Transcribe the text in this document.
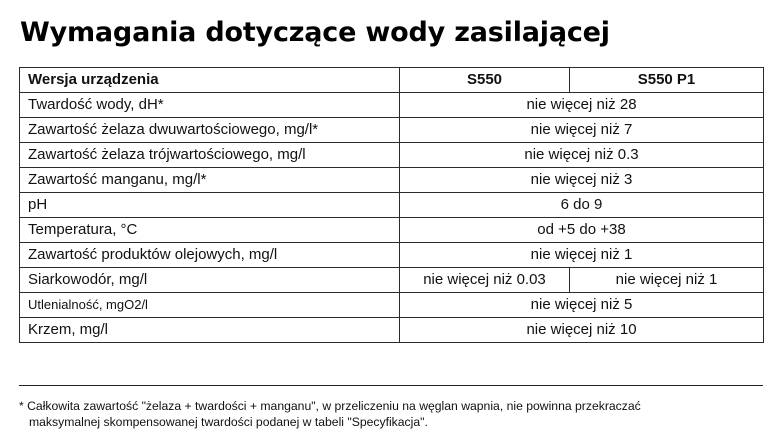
Wymagania dotyczące wody zasilającej
Wersja urządzenia	S550	S550 P1
Twardość wody, dH*	nie więcej niż 28	
Zawartość żelaza dwuwartościowego, mg/l*	nie więcej niż 7	
Zawartość żelaza trójwartościowego, mg/l	nie więcej niż 0.3	
Zawartość manganu, mg/l*	nie więcej niż 3	
pH	6 do 9	
Temperatura, °C	od +5 do +38	
Zawartość produktów olejowych, mg/l	nie więcej niż 1	
Siarkowodór, mg/l	nie więcej niż 0.03	nie więcej niż 1
Utlenialność, mgO2/l	nie więcej niż 5	
Krzem, mg/l	nie więcej niż 10	

* Całkowita zawartość "żelaza + twardości + manganu", w przeliczeniu na węglan wapnia, nie powinna przekraczać
maksymalnej skompensowanej twardości podanej w tabeli "Specyfikacja".
